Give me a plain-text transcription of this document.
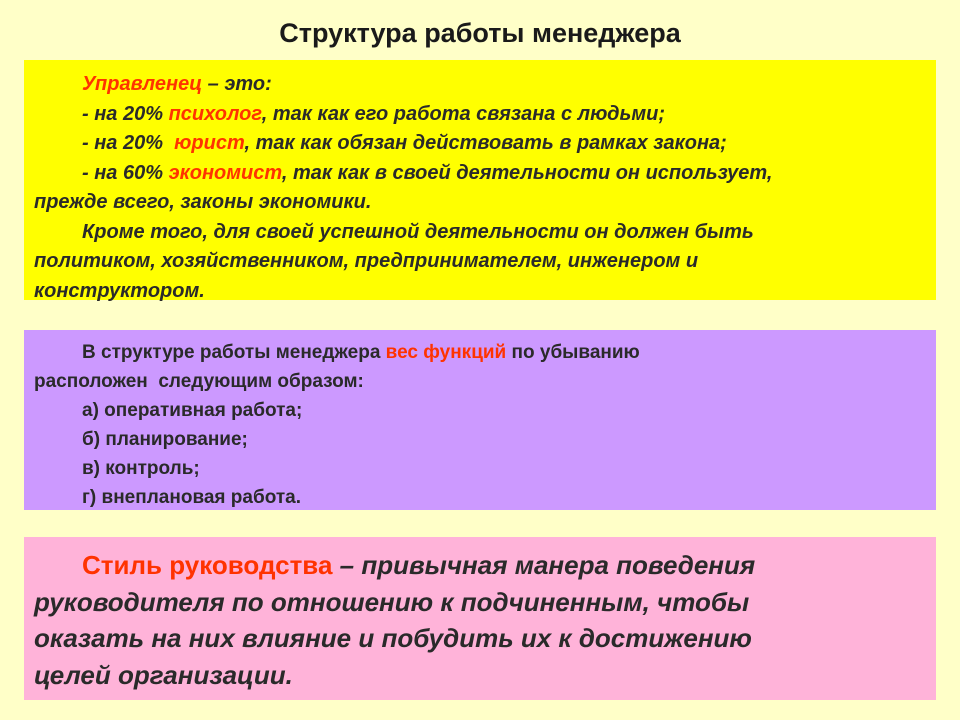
Структура работы менеджера
Управленец – это:
- на 20% психолог, так как его работа связана с людьми;
- на 20%  юрист, так как обязан действовать в рамках закона;
- на 60% экономист, так как в своей деятельности он использует,
прежде всего, законы экономики.
Кроме того, для своей успешной деятельности он должен быть
политиком, хозяйственником, предпринимателем, инженером и
конструктором.
В структуре работы менеджера вес функций по убыванию
расположен  следующим образом:
а) оперативная работа;
б) планирование;
в) контроль;
г) внеплановая работа.
Стиль руководства – привычная манера поведения
руководителя по отношению к подчиненным, чтобы
оказать на них влияние и побудить их к достижению
целей организации.
